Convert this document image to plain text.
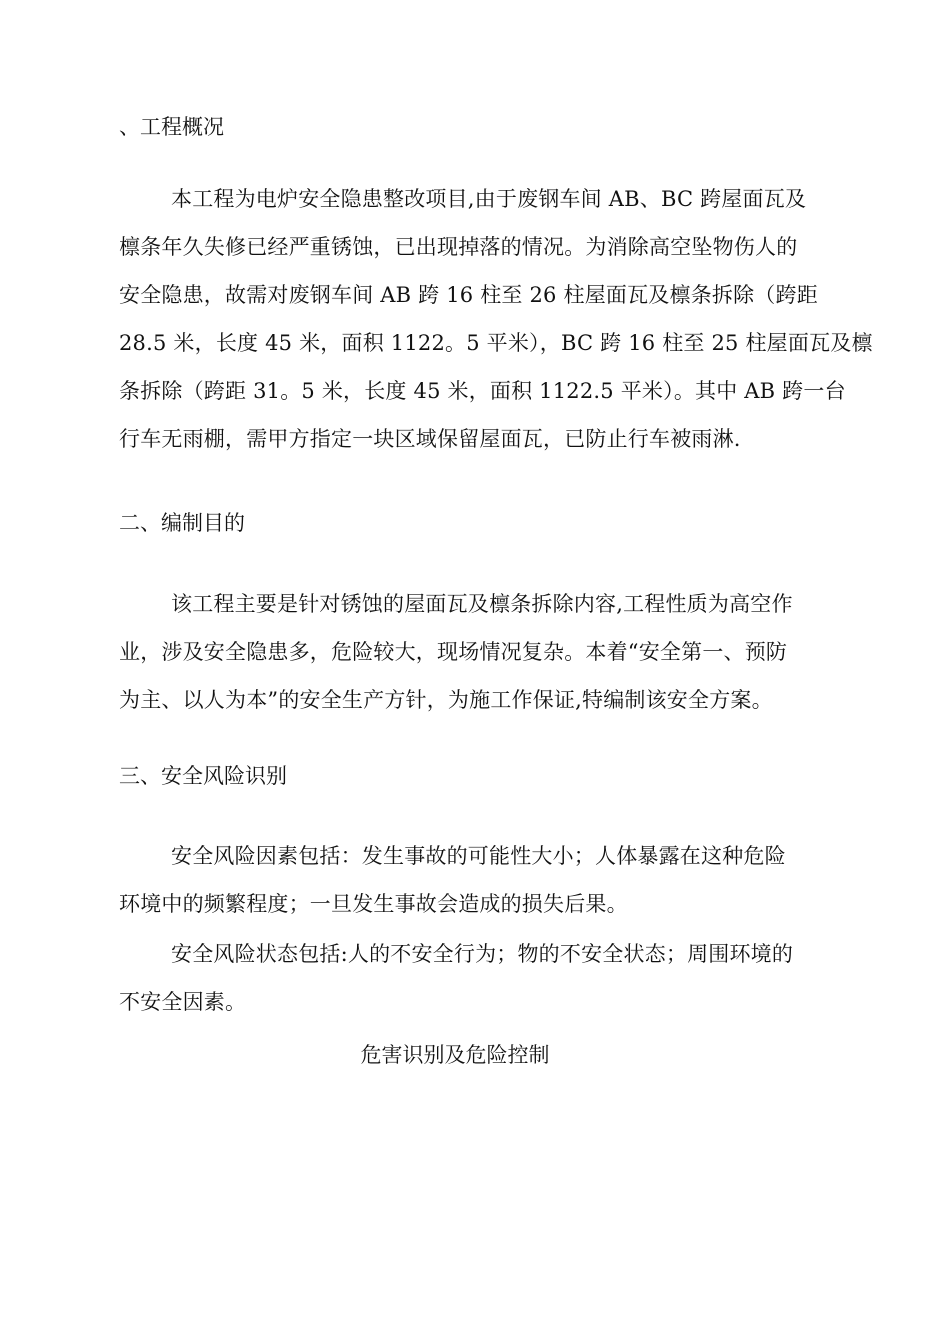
、工程概况
本工程为电炉安全隐患整改项目,由于废钢车间 AB、BC 跨屋面瓦及
檩条年久失修已经严重锈蚀，已出现掉落的情况。为消除高空坠物伤人的
安全隐患，故需对废钢车间 AB 跨 16 柱至 26 柱屋面瓦及檩条拆除（跨距
28.5 米，长度 45 米，面积 1122。5 平米），BC 跨 16 柱至 25 柱屋面瓦及檩
条拆除（跨距 31。5 米，长度 45 米，面积 1122.5 平米）。其中 AB 跨一台
行车无雨棚，需甲方指定一块区域保留屋面瓦，已防止行车被雨淋.
二、编制目的
该工程主要是针对锈蚀的屋面瓦及檩条拆除内容,工程性质为高空作
业，涉及安全隐患多，危险较大，现场情况复杂。本着“安全第一、预防
为主、以人为本”的安全生产方针，为施工作保证,特编制该安全方案。
三、安全风险识别
安全风险因素包括：发生事故的可能性大小；人体暴露在这种危险
环境中的频繁程度；一旦发生事故会造成的损失后果。
安全风险状态包括:人的不安全行为；物的不安全状态；周围环境的
不安全因素。
危害识别及危险控制
